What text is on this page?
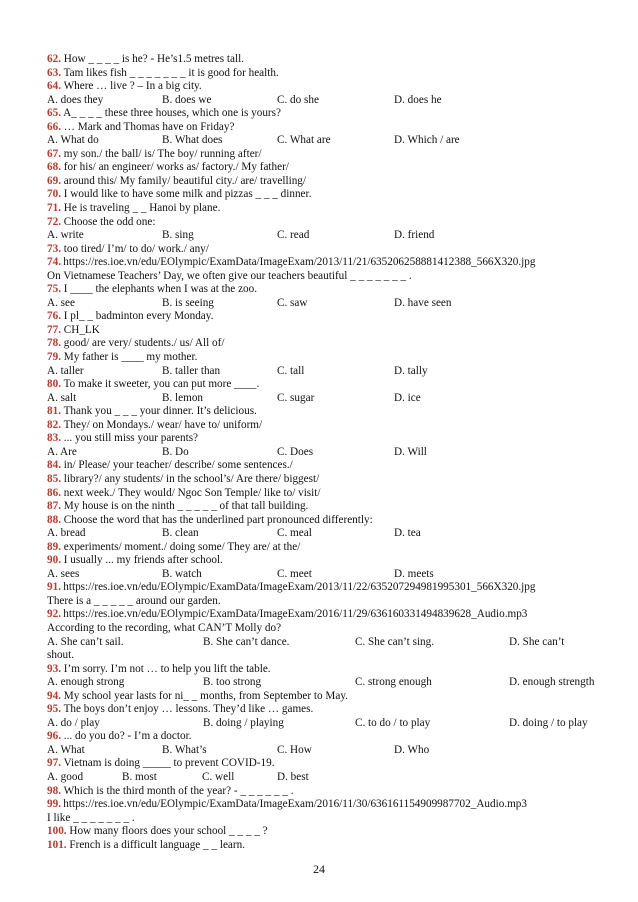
62. How _ _ _ _ is he? - He’s1.5 metres tall.
63. Tam likes fish _ _ _ _ _ _ _ it is good for health.
64. Where … live ? – In a big city.
A. does they	B. does we	C. do she	D. does he
65. A_ _ _ _ these three houses, which one is yours?
66. … Mark and Thomas have on Friday?
A. What do	B. What does	C. What are	D. Which / are
67. my son./ the ball/ is/ The boy/ running after/
68. for his/ an engineer/ works as/ factory./ My father/
69. around this/ My family/ beautiful city./ are/ travelling/
70. I would like to have some milk and pizzas _ _ _ dinner.
71. He is traveling _ _ Hanoi by plane.
72. Choose the odd one:
A. write	B. sing	C. read	D. friend
73. too tired/ I’m/ to do/ work./ any/
74. https://res.ioe.vn/edu/EOlympic/ExamData/ImageExam/2013/11/21/635206258881412388_566X320.jpg
On Vietnamese Teachers’ Day, we often give our teachers beautiful _ _ _ _ _ _ _ .
75. I ____ the elephants when I was at the zoo.
A. see	B. is seeing	C. saw	D. have seen
76. I pl_ _ badminton every Monday.
77. CH_LK
78. good/ are very/ students./ us/ All of/
79. My father is ____ my mother.
A. taller	B. taller than	C. tall	D. tally
80. To make it sweeter, you can put more ____.
A. salt	B. lemon	C. sugar	D. ice
81. Thank you _ _ _ your dinner. It’s delicious.
82. They/ on Mondays./ wear/ have to/ uniform/
83. ... you still miss your parents?
A. Are	B. Do	C. Does	D. Will
84. in/ Please/ your teacher/ describe/ some sentences./
85. library?/ any students/ in the school’s/ Are there/ biggest/
86. next week./ They would/ Ngoc Son Temple/ like to/ visit/
87. My house is on the ninth _ _ _ _ _ of that tall building.
88. Choose the word that has the underlined part pronounced differently:
A. bread	B. clean	C. meal	D. tea
89. experiments/ moment./ doing some/ They are/ at the/
90. I usually ... my friends after school.
A. sees	B. watch	C. meet	D. meets
91. https://res.ioe.vn/edu/EOlympic/ExamData/ImageExam/2013/11/22/635207294981995301_566X320.jpg
There is a _ _ _ _ _ around our garden.
92. https://res.ioe.vn/edu/EOlympic/ExamData/ImageExam/2016/11/29/636160331494839628_Audio.mp3
According to the recording, what CAN’T Molly do?
A. She can’t sail.	B. She can’t dance.	C. She can’t sing.	D. She can’t
shout.
93. I’m sorry. I’m not … to help you lift the table.
A. enough strong	B. too strong	C. strong enough	D. enough strength
94. My school year lasts for ni_ _ months, from September to May.
95. The boys don’t enjoy … lessons. They’d like … games.
A. do / play	B. doing / playing	C. to do / to play	D. doing / to play
96. ... do you do? - I’m a doctor.
A. What	B. What’s	C. How	D. Who
97. Vietnam is doing _____ to prevent COVID-19.
A. good	B. most	C. well	D. best
98. Which is the third month of the year? - _ _ _ _ _ _ .
99. https://res.ioe.vn/edu/EOlympic/ExamData/ImageExam/2016/11/30/636161154909987702_Audio.mp3
I like _ _ _ _ _ _ _ .
100. How many floors does your school _ _ _ _ ?
101. French is a difficult language _ _ learn.
24
